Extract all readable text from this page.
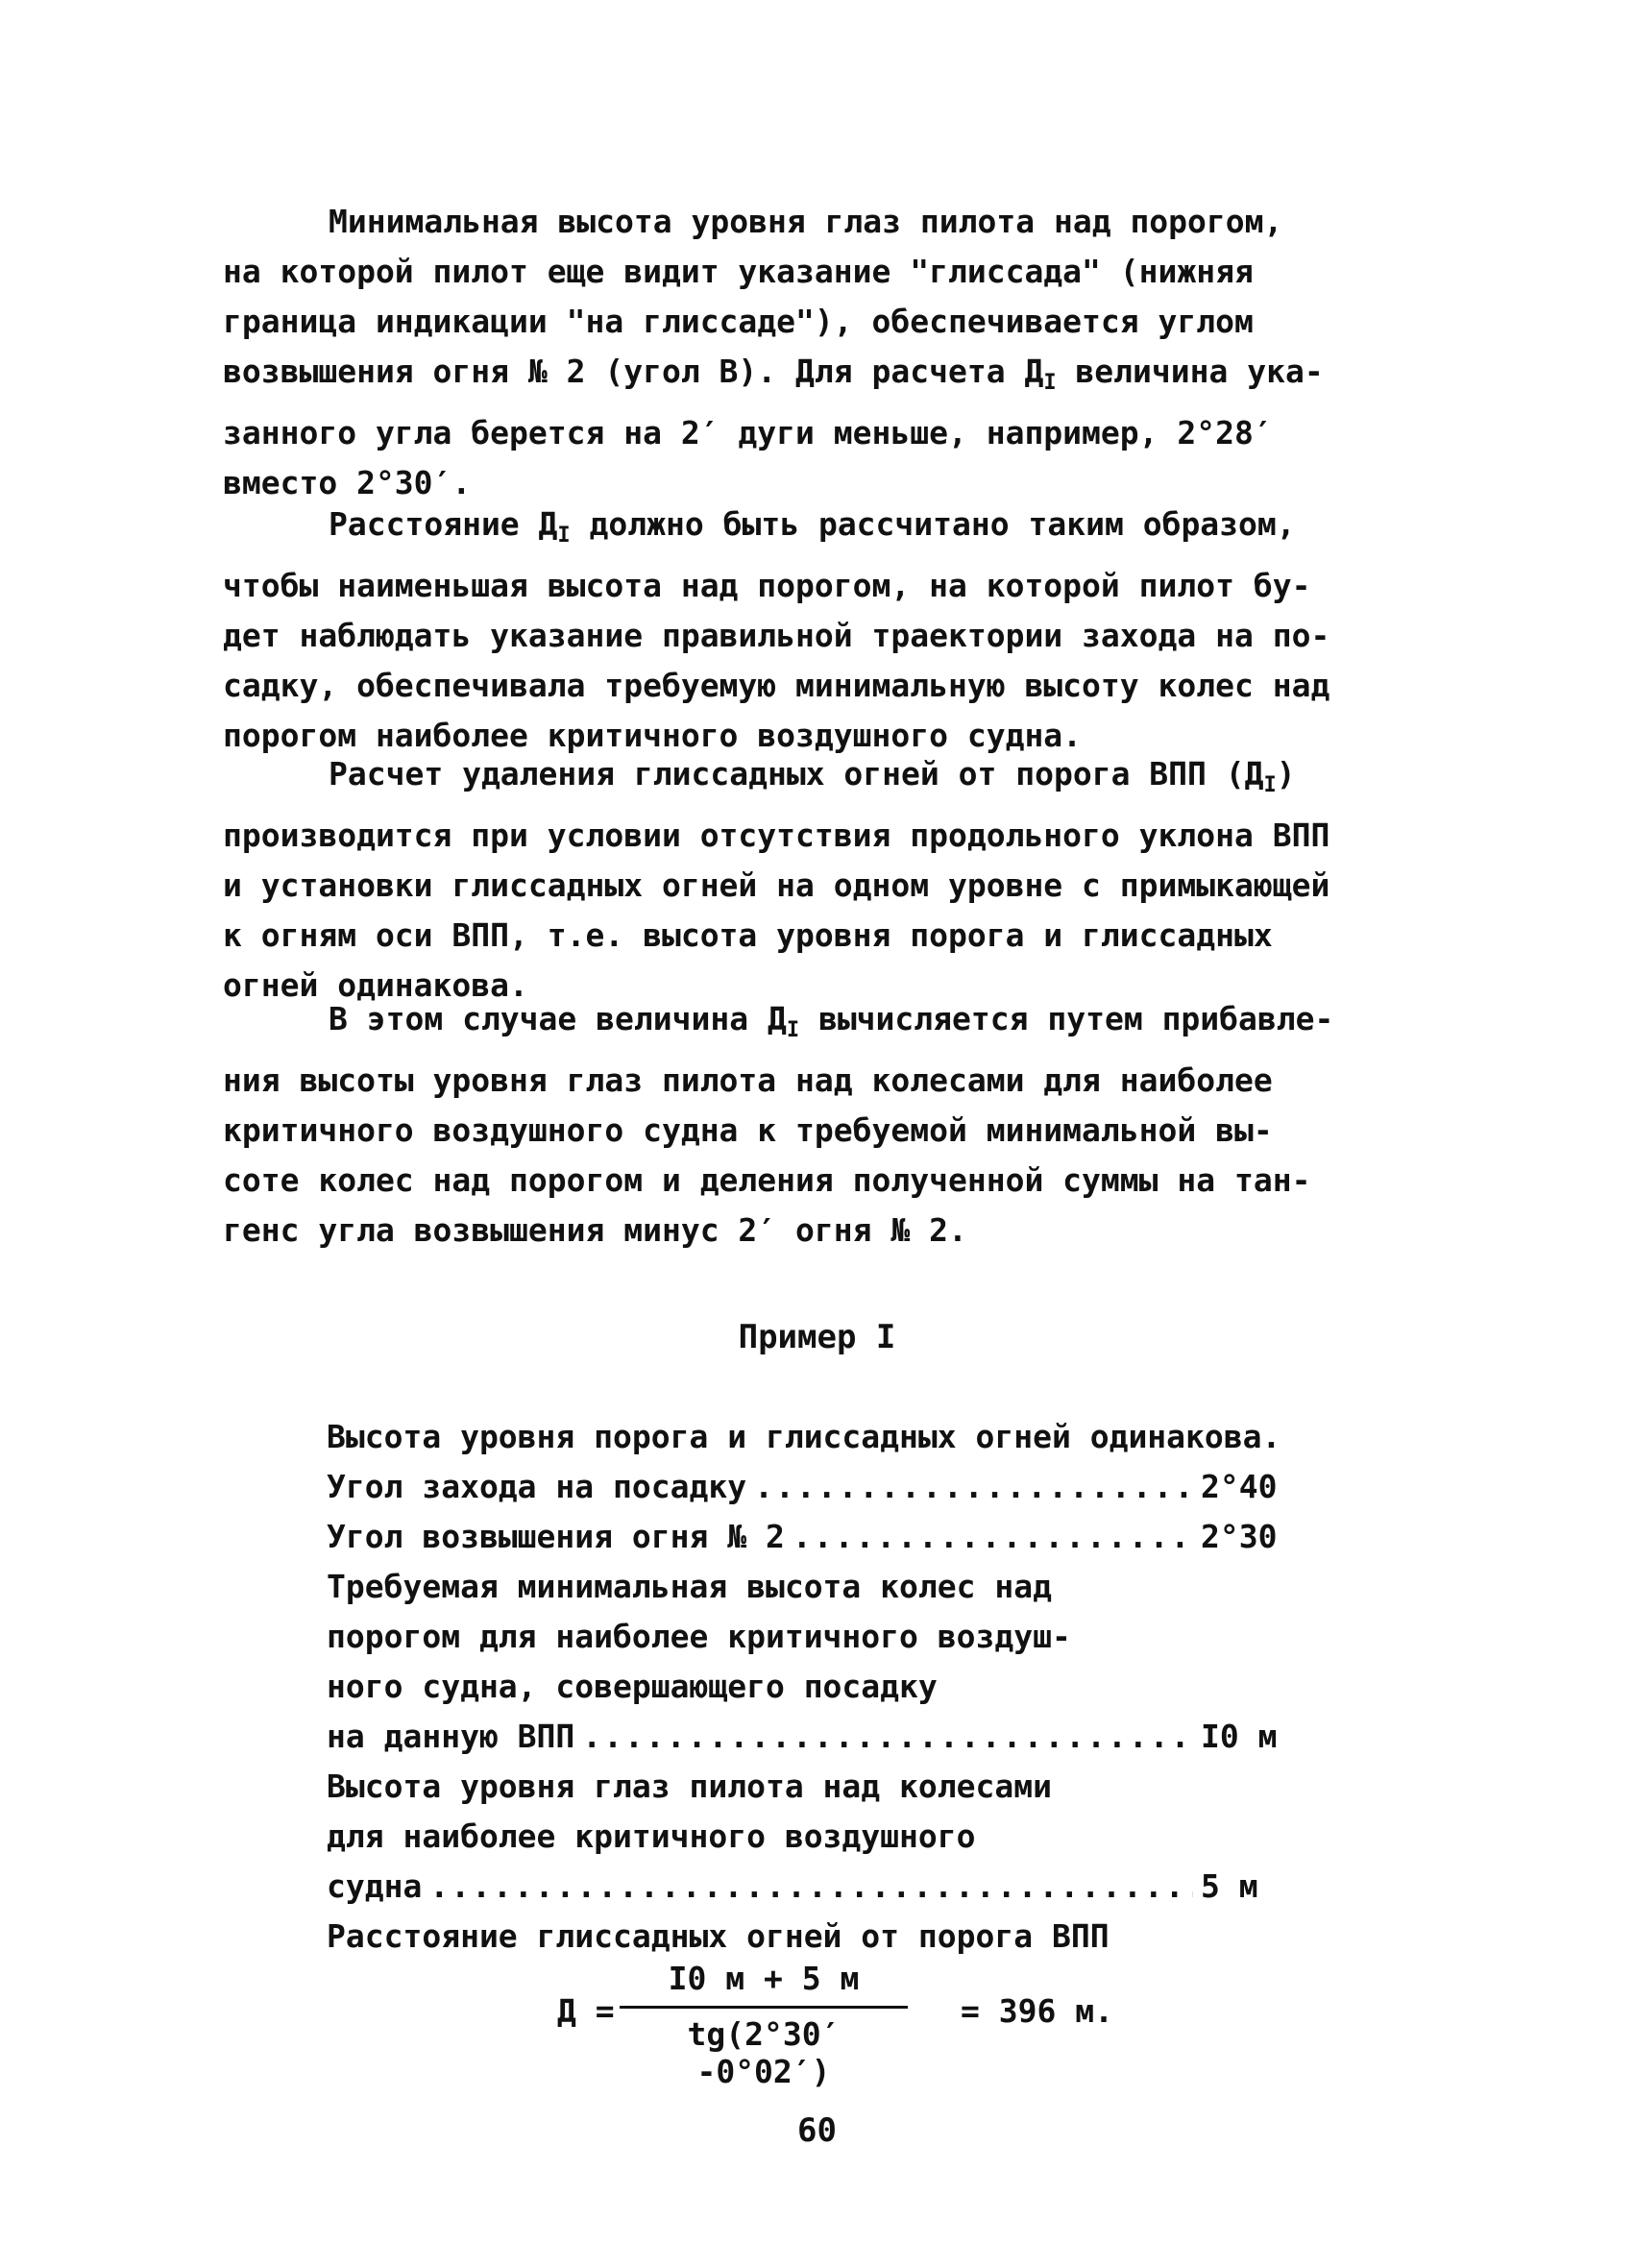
Минимальная высота уровня глаз пилота над порогом,
на которой пилот еще видит указание "глиссада" (нижняя
граница индикации "на глиссаде"), обеспечивается углом
возвышения огня № 2 (угол В). Для расчета $Д_I$ величина ука-
занного угла берется на 2′ дуги меньше, например, 2°28′
вместо 2°30′.
Расстояние $Д_I$ должно быть рассчитано таким образом,
чтобы наименьшая высота над порогом, на которой пилот бу-
дет наблюдать указание правильной траектории захода на по-
садку, обеспечивала требуемую минимальную высоту колес над
порогом наиболее критичного воздушного судна.
Расчет удаления глиссадных огней от порога ВПП $(Д_I)$
производится при условии отсутствия продольного уклона ВПП
и установки глиссадных огней на одном уровне с примыкающей
к огням оси ВПП, т.е. высота уровня порога и глиссадных
огней одинакова.
В этом случае величина $Д_I$ вычисляется путем прибавле-
ния высоты уровня глаз пилота над колесами для наиболее
критичного воздушного судна к требуемой минимальной вы-
соте колес над порогом и деления полученной суммы на тан-
генс угла возвышения минус 2′ огня № 2.
Пример I
Высота уровня порога и глиссадных огней одинакова.
Угол захода на посадку .....	2°40
Угол возвышения огня № 2 .....	2°30
Требуемая минимальная высота колес над
порогом для наиболее критичного воздуш-
ного судна, совершающего посадку
на данную ВПП .....	I0 м
Высота уровня глаз пилота над колесами
для наиболее критичного воздушного
судна .....	5 м
Расстояние глиссадных огней от порога ВПП
Д =
I0 м + 5 м
tg(2°30′ -0°02′)
= 396 м.
60
